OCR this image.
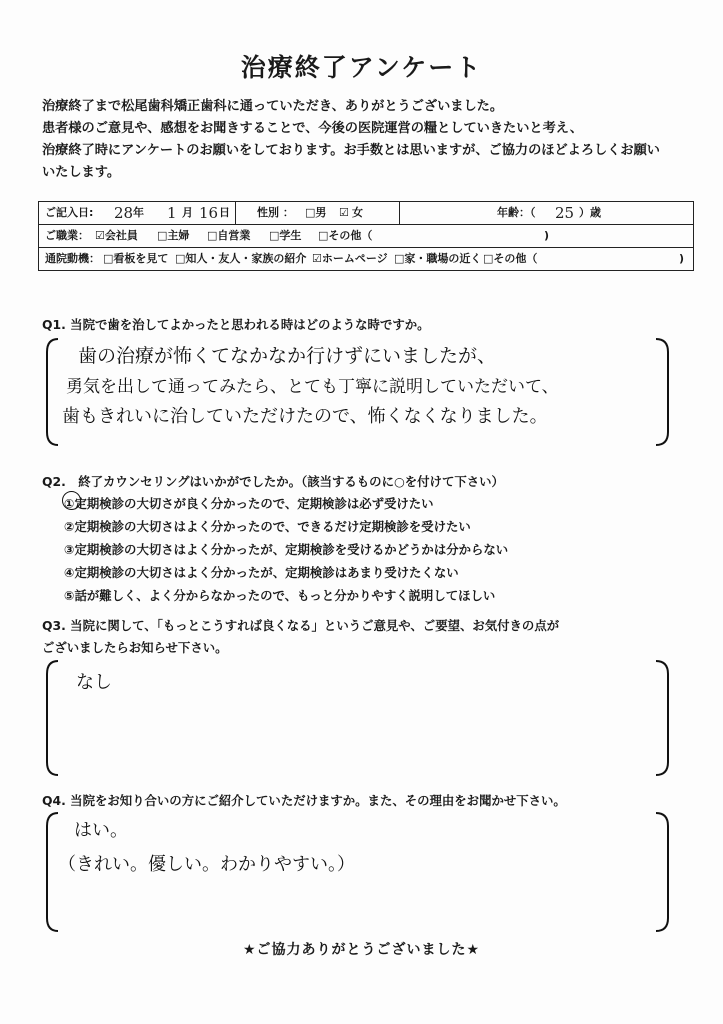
治療終了アンケート
治療終了まで松尾歯科矯正歯科に通っていただき、ありがとうございました。
患者様のご意見や、感想をお聞きすることで、今後の医院運営の糧としていきたいと考え、
治療終了時にアンケートのお願いをしております。お手数とは思いますが、ご協力のほどよろしくお願い
いたします。
ご記入日: 28 年 1 月 16 日 性別 ： □男 ☑ 女	年齢：（ 25 ）歳
ご職業： ☑会社員 □主婦 □自営業 □学生 □その他（	)
通院動機： □看板を見て □知人・友人・家族の紹介 ☑ホームページ □家・職場の近く □その他（	)
Q1. 当院で歯を治してよかったと思われる時はどのような時ですか。
歯の治療が怖くてなかなか行けずにいましたが、
勇気を出して通ってみたら、とても丁寧に説明していただいて、
歯もきれいに治していただけたので、怖くなくなりました。
Q2.　終了カウンセリングはいかがでしたか。（該当するものに○を付けて下さい）
①定期検診の大切さが良く分かったので、定期検診は必ず受けたい
②定期検診の大切さはよく分かったので、できるだけ定期検診を受けたい
③定期検診の大切さはよく分かったが、定期検診を受けるかどうかは分からない
④定期検診の大切さはよく分かったが、定期検診はあまり受けたくない
⑤話が難しく、よく分からなかったので、もっと分かりやすく説明してほしい
Q3. 当院に関して、「もっとこうすれば良くなる」というご意見や、ご要望、お気付きの点が
ございましたらお知らせ下さい。
なし
Q4. 当院をお知り合いの方にご紹介していただけますか。また、その理由をお聞かせ下さい。
はい。
（きれい。優しい。わかりやすい。）
★ご協力ありがとうございました★
